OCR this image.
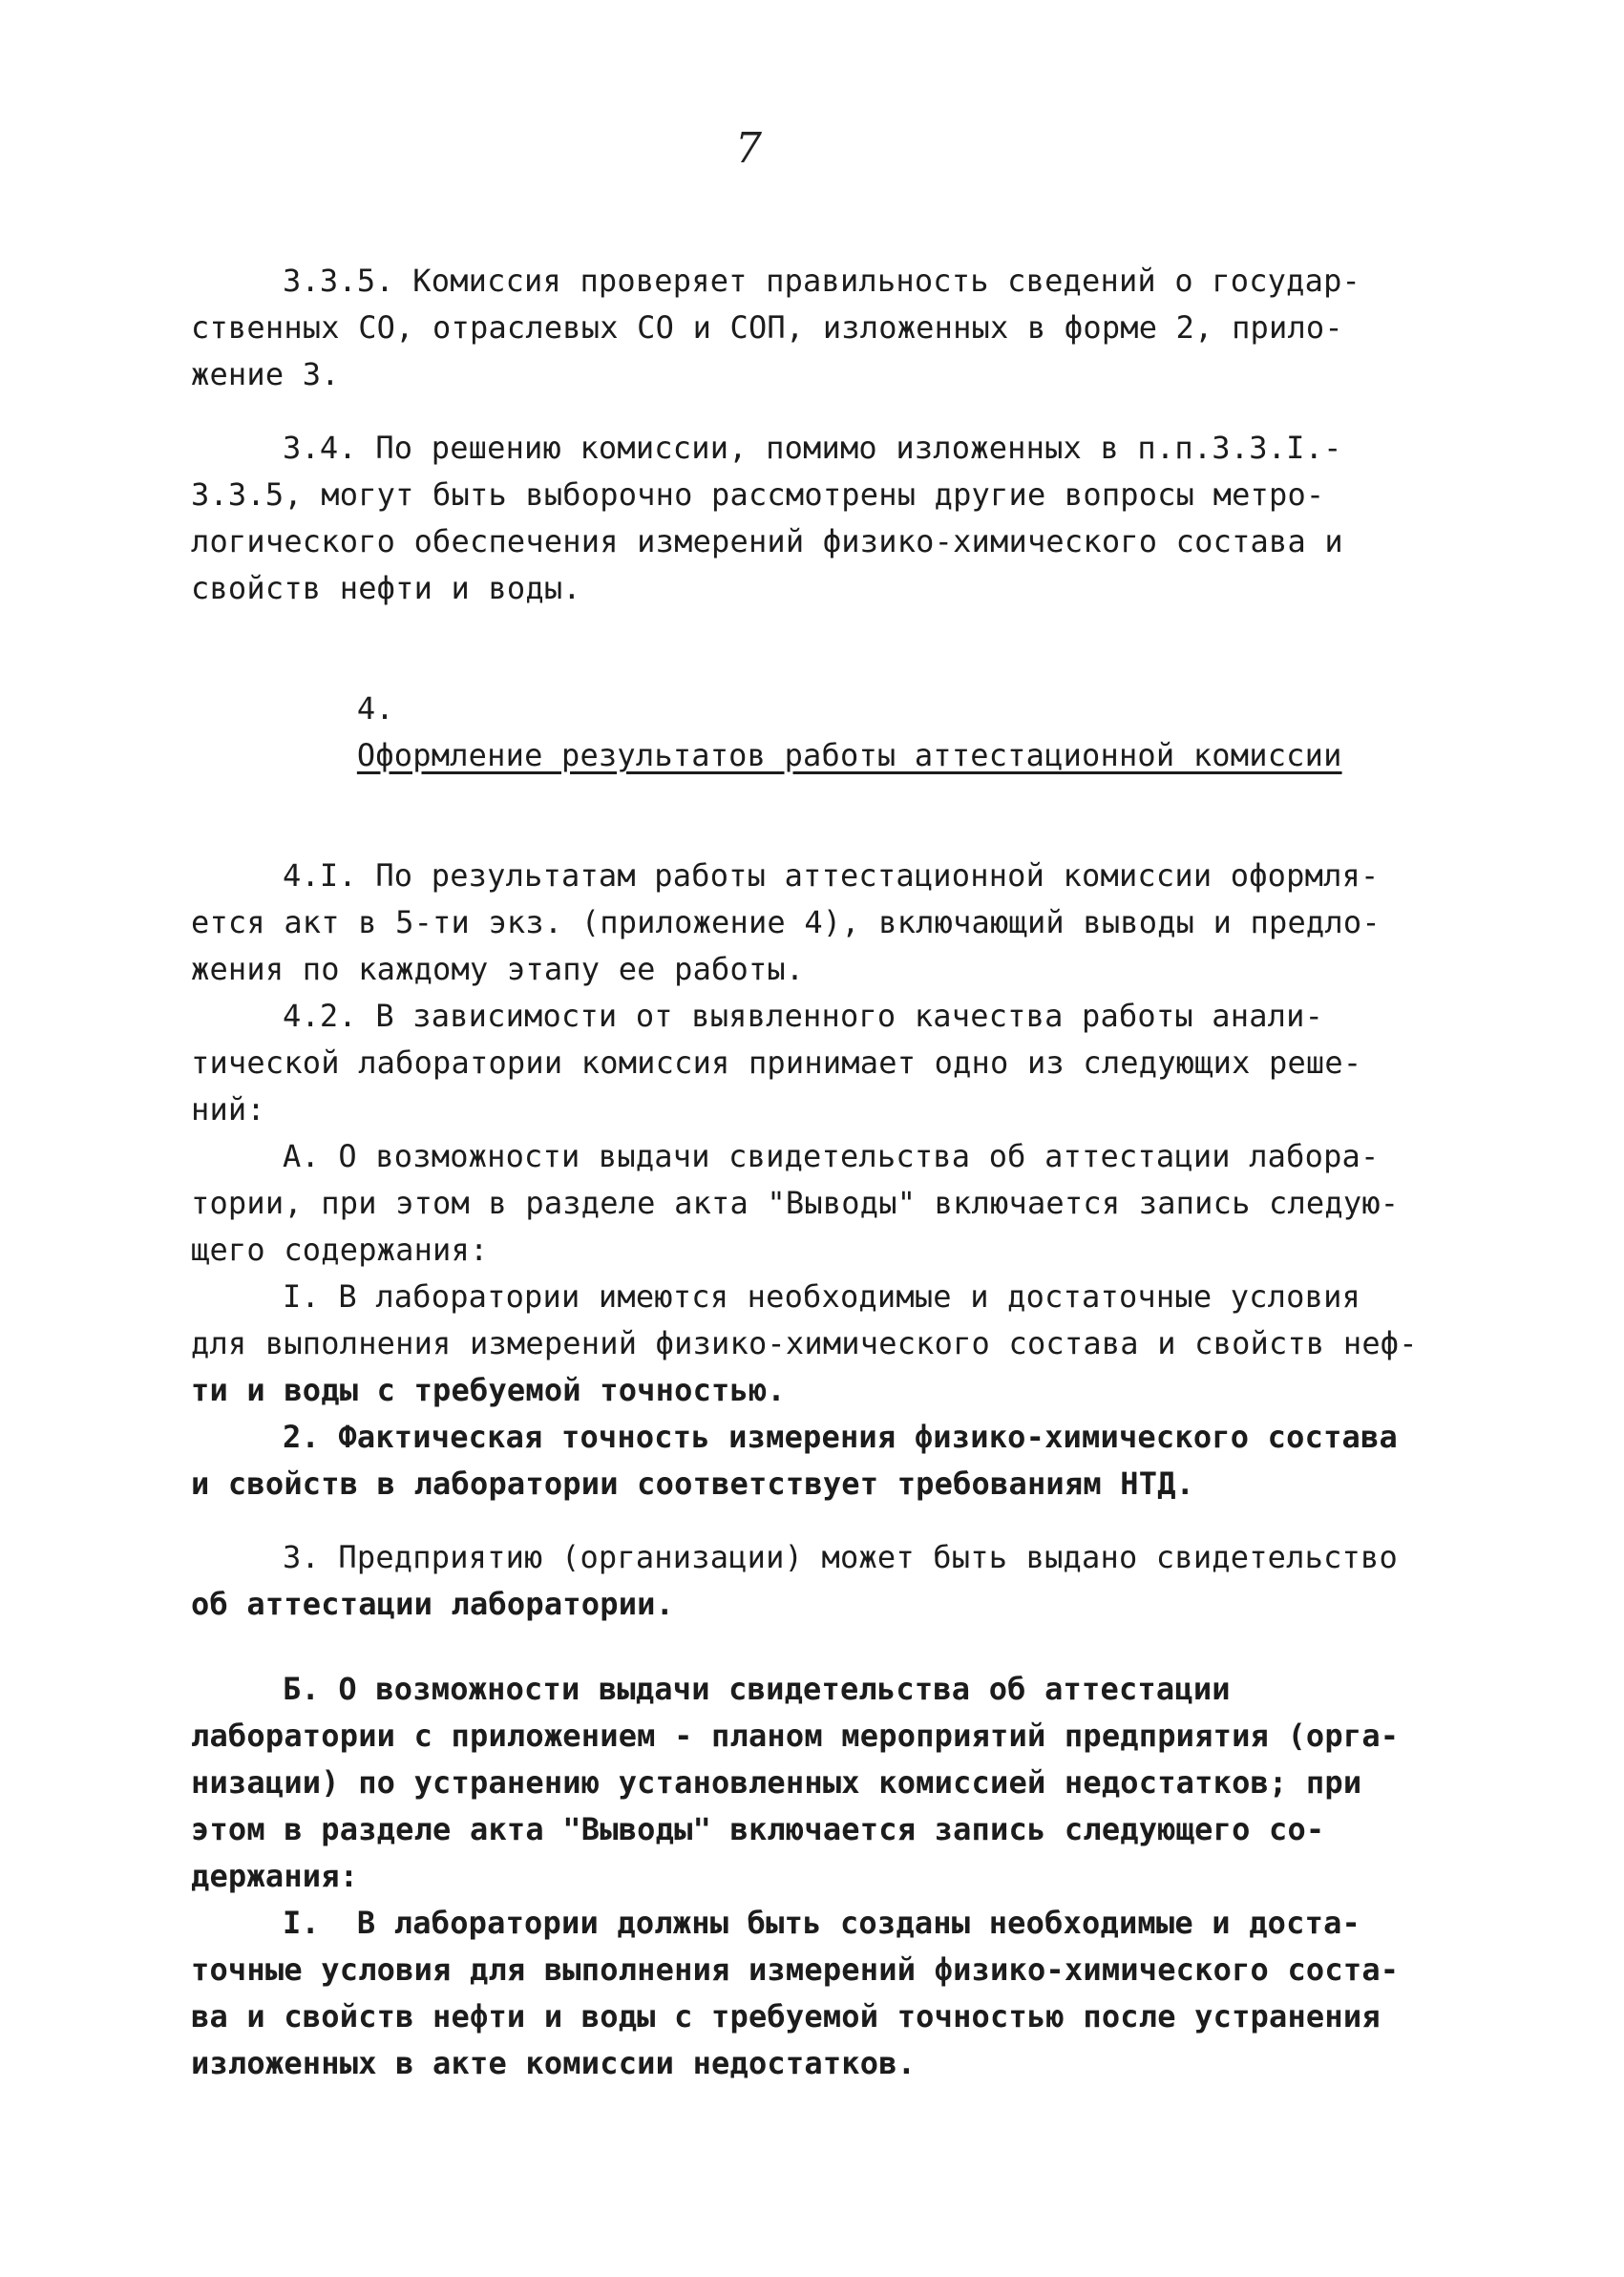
7
3.3.5. Комиссия проверяет правильность сведений о государ-
ственных СО, отраслевых СО и СОП, изложенных в форме 2, прило-
жение 3.
3.4. По решению комиссии, помимо изложенных в п.п.3.3.I.-
3.3.5, могут быть выборочно рассмотрены другие вопросы метро-
логического обеспечения измерений физико-химического состава и
свойств нефти и воды.

4.
Оформление результатов работы аттестационной комиссии

4.I. По результатам работы аттестационной комиссии оформля-
ется акт в 5-ти экз. (приложение 4), включающий выводы и предло-
жения по каждому этапу ее работы.
4.2. В зависимости от выявленного качества работы анали-
тической лаборатории комиссия принимает одно из следующих реше-
ний:
А. О возможности выдачи свидетельства об аттестации лабора-
тории, при этом в разделе акта "Выводы" включается запись следую-
щего содержания:
I. В лаборатории имеются необходимые и достаточные условия
для выполнения измерений физико-химического состава и свойств неф-
ти и воды с требуемой точностью.
2. Фактическая точность измерения физико-химического состава
и свойств в лаборатории соответствует требованиям НТД.
3. Предприятию (организации) может быть выдано свидетельство
об аттестации лаборатории.
Б. О возможности выдачи свидетельства об аттестации
лаборатории с приложением - планом мероприятий предприятия (орга-
низации) по устранению установленных комиссией недостатков; при
этом в разделе акта "Выводы" включается запись следующего со-
держания:
I.  В лаборатории должны быть созданы необходимые и доста-
точные условия для выполнения измерений физико-химического соста-
ва и свойств нефти и воды с требуемой точностью после устранения
изложенных в акте комиссии недостатков.
